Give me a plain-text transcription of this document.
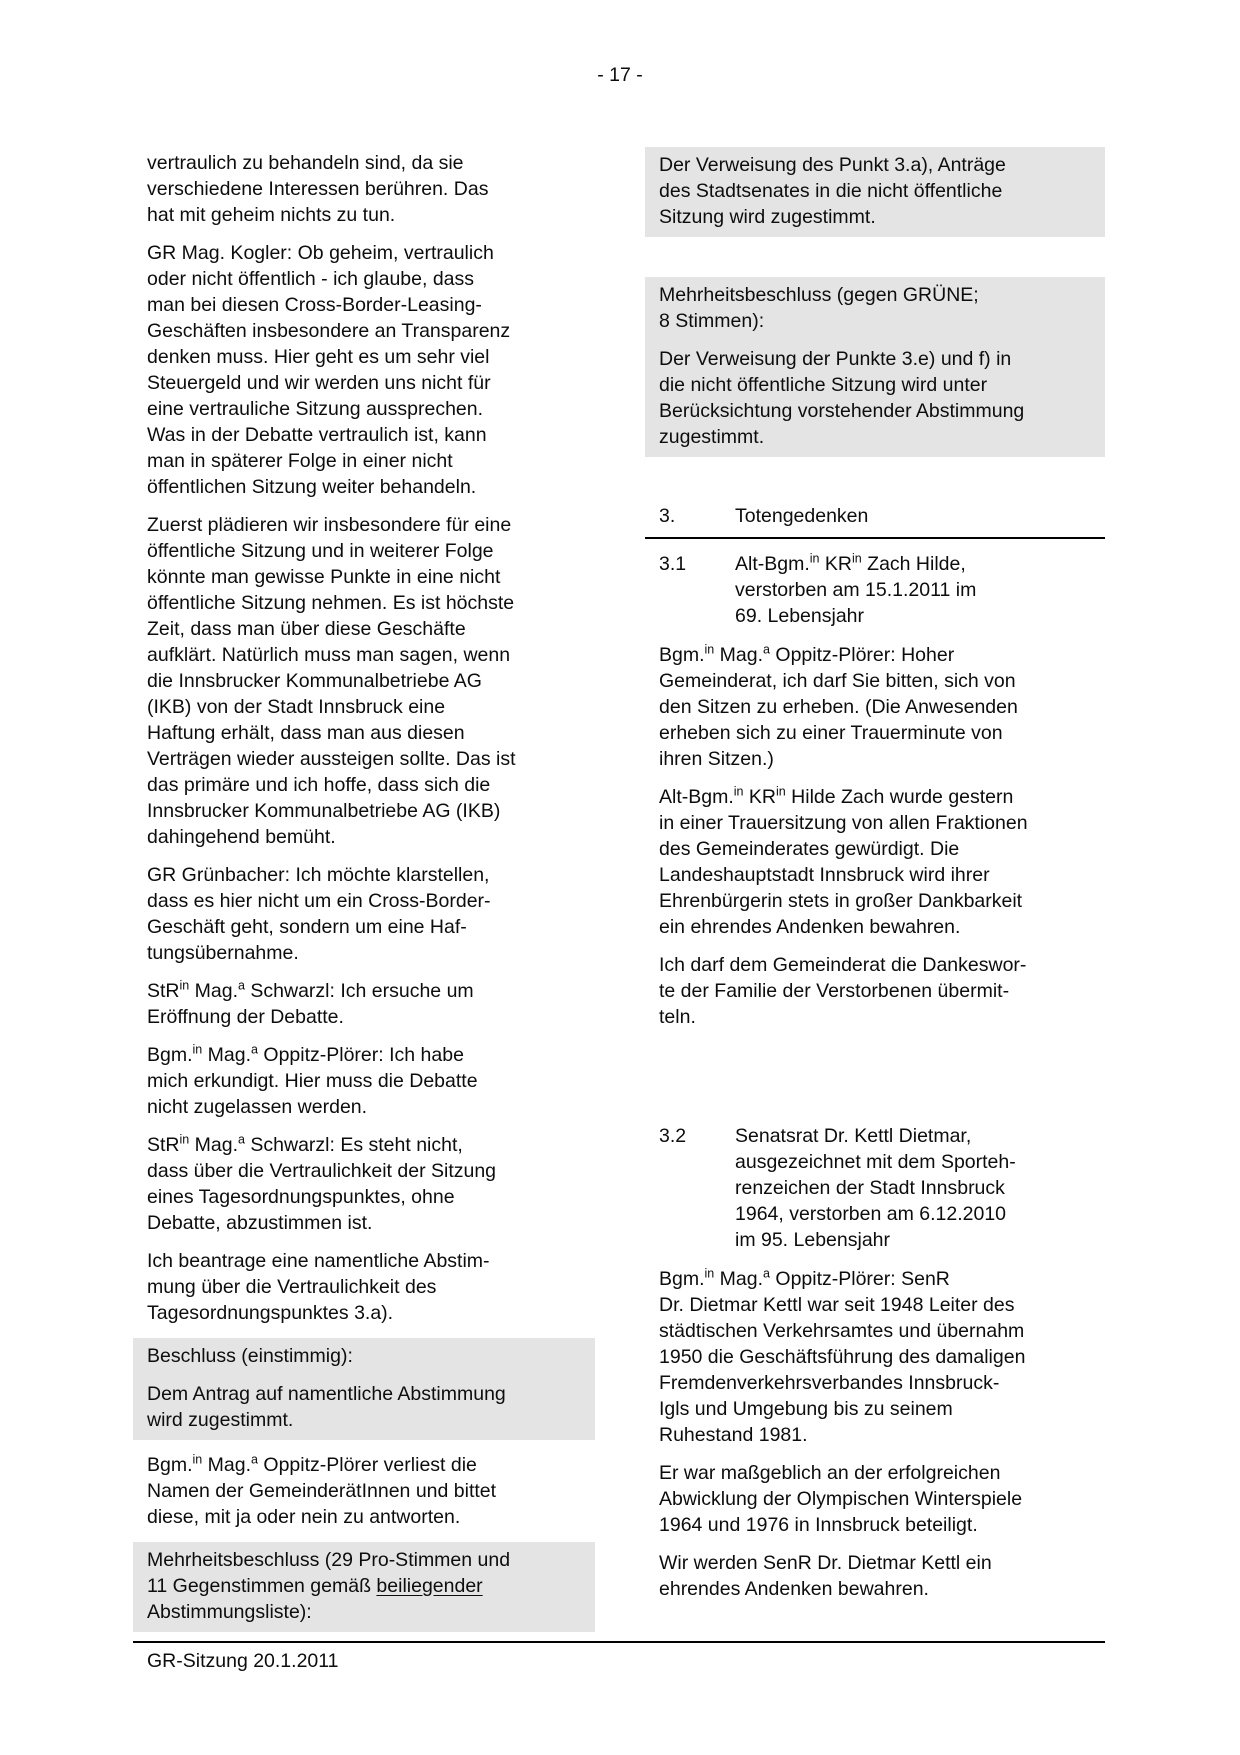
- 17 -

vertraulich zu behandeln sind, da sie
verschiedene Interessen berühren. Das
hat mit geheim nichts zu tun.

GR Mag. Kogler: Ob geheim, vertraulich
oder nicht öffentlich - ich glaube, dass
man bei diesen Cross-Border-Leasing-
Geschäften insbesondere an Transparenz
denken muss. Hier geht es um sehr viel
Steuergeld und wir werden uns nicht für
eine vertrauliche Sitzung aussprechen.
Was in der Debatte vertraulich ist, kann
man in späterer Folge in einer nicht
öffentlichen Sitzung weiter behandeln.

Zuerst plädieren wir insbesondere für eine
öffentliche Sitzung und in weiterer Folge
könnte man gewisse Punkte in eine nicht
öffentliche Sitzung nehmen. Es ist höchste
Zeit, dass man über diese Geschäfte
aufklärt. Natürlich muss man sagen, wenn
die Innsbrucker Kommunalbetriebe AG
(IKB) von der Stadt Innsbruck eine
Haftung erhält, dass man aus diesen
Verträgen wieder aussteigen sollte. Das ist
das primäre und ich hoffe, dass sich die
Innsbrucker Kommunalbetriebe AG (IKB)
dahingehend bemüht.

GR Grünbacher: Ich möchte klarstellen,
dass es hier nicht um ein Cross-Border-
Geschäft geht, sondern um eine Haf-
tungsübernahme.

StR$^{in}$ Mag.$^a$ Schwarzl: Ich ersuche um
Eröffnung der Debatte.

Bgm.$^{in}$ Mag.$^a$ Oppitz-Plörer: Ich habe
mich erkundigt. Hier muss die Debatte
nicht zugelassen werden.

StR$^{in}$ Mag.$^a$ Schwarzl: Es steht nicht,
dass über die Vertraulichkeit der Sitzung
eines Tagesordnungspunktes, ohne
Debatte, abzustimmen ist.

Ich beantrage eine namentliche Abstim-
mung über die Vertraulichkeit des
Tagesordnungspunktes 3.a).

Beschluss (einstimmig):

Dem Antrag auf namentliche Abstimmung
wird zugestimmt.

Bgm.$^{in}$ Mag.$^a$ Oppitz-Plörer verliest die
Namen der GemeinderätInnen und bittet
diese, mit ja oder nein zu antworten.

Mehrheitsbeschluss (29 Pro-Stimmen und
11 Gegenstimmen gemäß beiliegender
Abstimmungsliste):

Der Verweisung des Punkt 3.a), Anträge
des Stadtsenates in die nicht öffentliche
Sitzung wird zugestimmt.

Mehrheitsbeschluss (gegen GRÜNE;
8 Stimmen):

Der Verweisung der Punkte 3.e) und f) in
die nicht öffentliche Sitzung wird unter
Berücksichtung vorstehender Abstimmung
zugestimmt.

3.	Totengedenken
3.1	Alt-Bgm.$^{in}$ $KR^{in}$ Zach Hilde,
verstorben am 15.1.2011 im
69. Lebensjahr

Bgm.$^{in}$ Mag.$^a$ Oppitz-Plörer: Hoher
Gemeinderat, ich darf Sie bitten, sich von
den Sitzen zu erheben. (Die Anwesenden
erheben sich zu einer Trauerminute von
ihren Sitzen.)

Alt-Bgm.$^{in}$ $KR^{in}$ Hilde Zach wurde gestern
in einer Trauersitzung von allen Fraktionen
des Gemeinderates gewürdigt. Die
Landeshauptstadt Innsbruck wird ihrer
Ehrenbürgerin stets in großer Dankbarkeit
ein ehrendes Andenken bewahren.

Ich darf dem Gemeinderat die Dankeswor-
te der Familie der Verstorbenen übermit-
teln.

3.2	Senatsrat Dr. Kettl Dietmar,
ausgezeichnet mit dem Sporteh-
renzeichen der Stadt Innsbruck
1964, verstorben am 6.12.2010
im 95. Lebensjahr

Bgm.$^{in}$ Mag.$^a$ Oppitz-Plörer: SenR
Dr. Dietmar Kettl war seit 1948 Leiter des
städtischen Verkehrsamtes und übernahm
1950 die Geschäftsführung des damaligen
Fremdenverkehrsverbandes Innsbruck-
Igls und Umgebung bis zu seinem
Ruhestand 1981.

Er war maßgeblich an der erfolgreichen
Abwicklung der Olympischen Winterspiele
1964 und 1976 in Innsbruck beteiligt.

Wir werden SenR Dr. Dietmar Kettl ein
ehrendes Andenken bewahren.

GR-Sitzung 20.1.2011
